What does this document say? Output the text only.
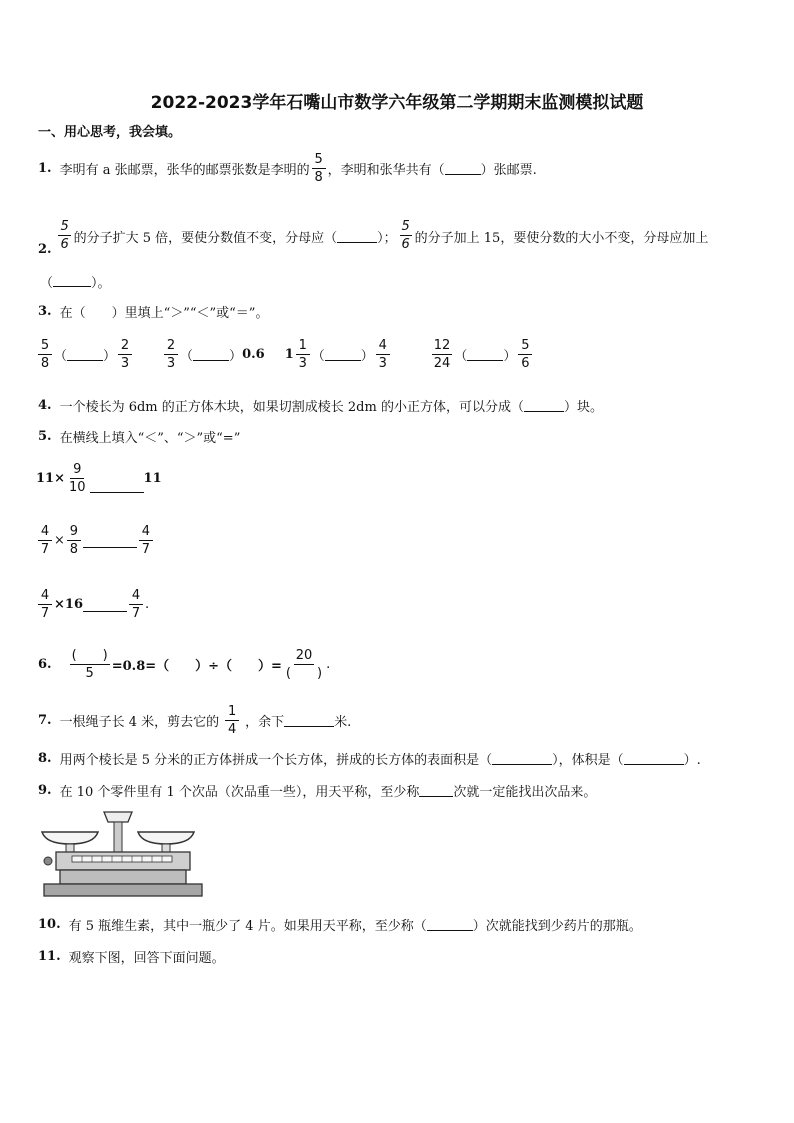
2022-2023学年石嘴山市数学六年级第二学期期末监测模拟试题
一、用心思考，我会填。
1. 李明有 a 张邮票，张华的邮票张数是李明的 $\frac{5}{8}$ ，李明和张华共有（	）张邮票.
2. $\frac{5}{6}$ 的分子扩大 5 倍，要使分数值不变，分母应（	）； $\frac{5}{6}$ 的分子加上 15，要使分数的大小不变，分母应加上
（	）。
3. 在（　　）里填上“＞”“＜”或“＝”。
$\frac{5}{8}$ （	） $\frac{2}{3} \frac{2}{3}$ （	） 0.6 $1 \frac{1}{3}$ （	） $\frac{4}{3}$	$\frac{12}{24}$ （	） $\frac{5}{6}$
4. 一个棱长为 6dm 的正方体木块，如果切割成棱长 2dm 的小正方体，可以分成（	）块。
5. 在横线上填入“＜”、“＞”或“=”
$11\times \frac{9}{10}$	11
$\frac{4}{7} \times \frac{9}{8}$	$\frac{4}{7}$
$\frac{4}{7} \times 16$	$\frac{4}{7}$ .
6. $\frac{( )}{5} =0.8=$（　　）÷（　　）= $\frac{20}{( )}$ .
7. 一根绳子长 4 米，剪去它的 $\frac{1}{4}$ ，余下	米.
8. 用两个棱长是 5 分米的正方体拼成一个长方体，拼成的长方体的表面积是（	），体积是（	）.
9. 在 10 个零件里有 1 个次品（次品重一些），用天平称，至少称	次就一定能找出次品来。
10. 有 5 瓶维生素，其中一瓶少了 4 片。如果用天平称，至少称（	）次就能找到少药片的那瓶。
11. 观察下图，回答下面问题。
